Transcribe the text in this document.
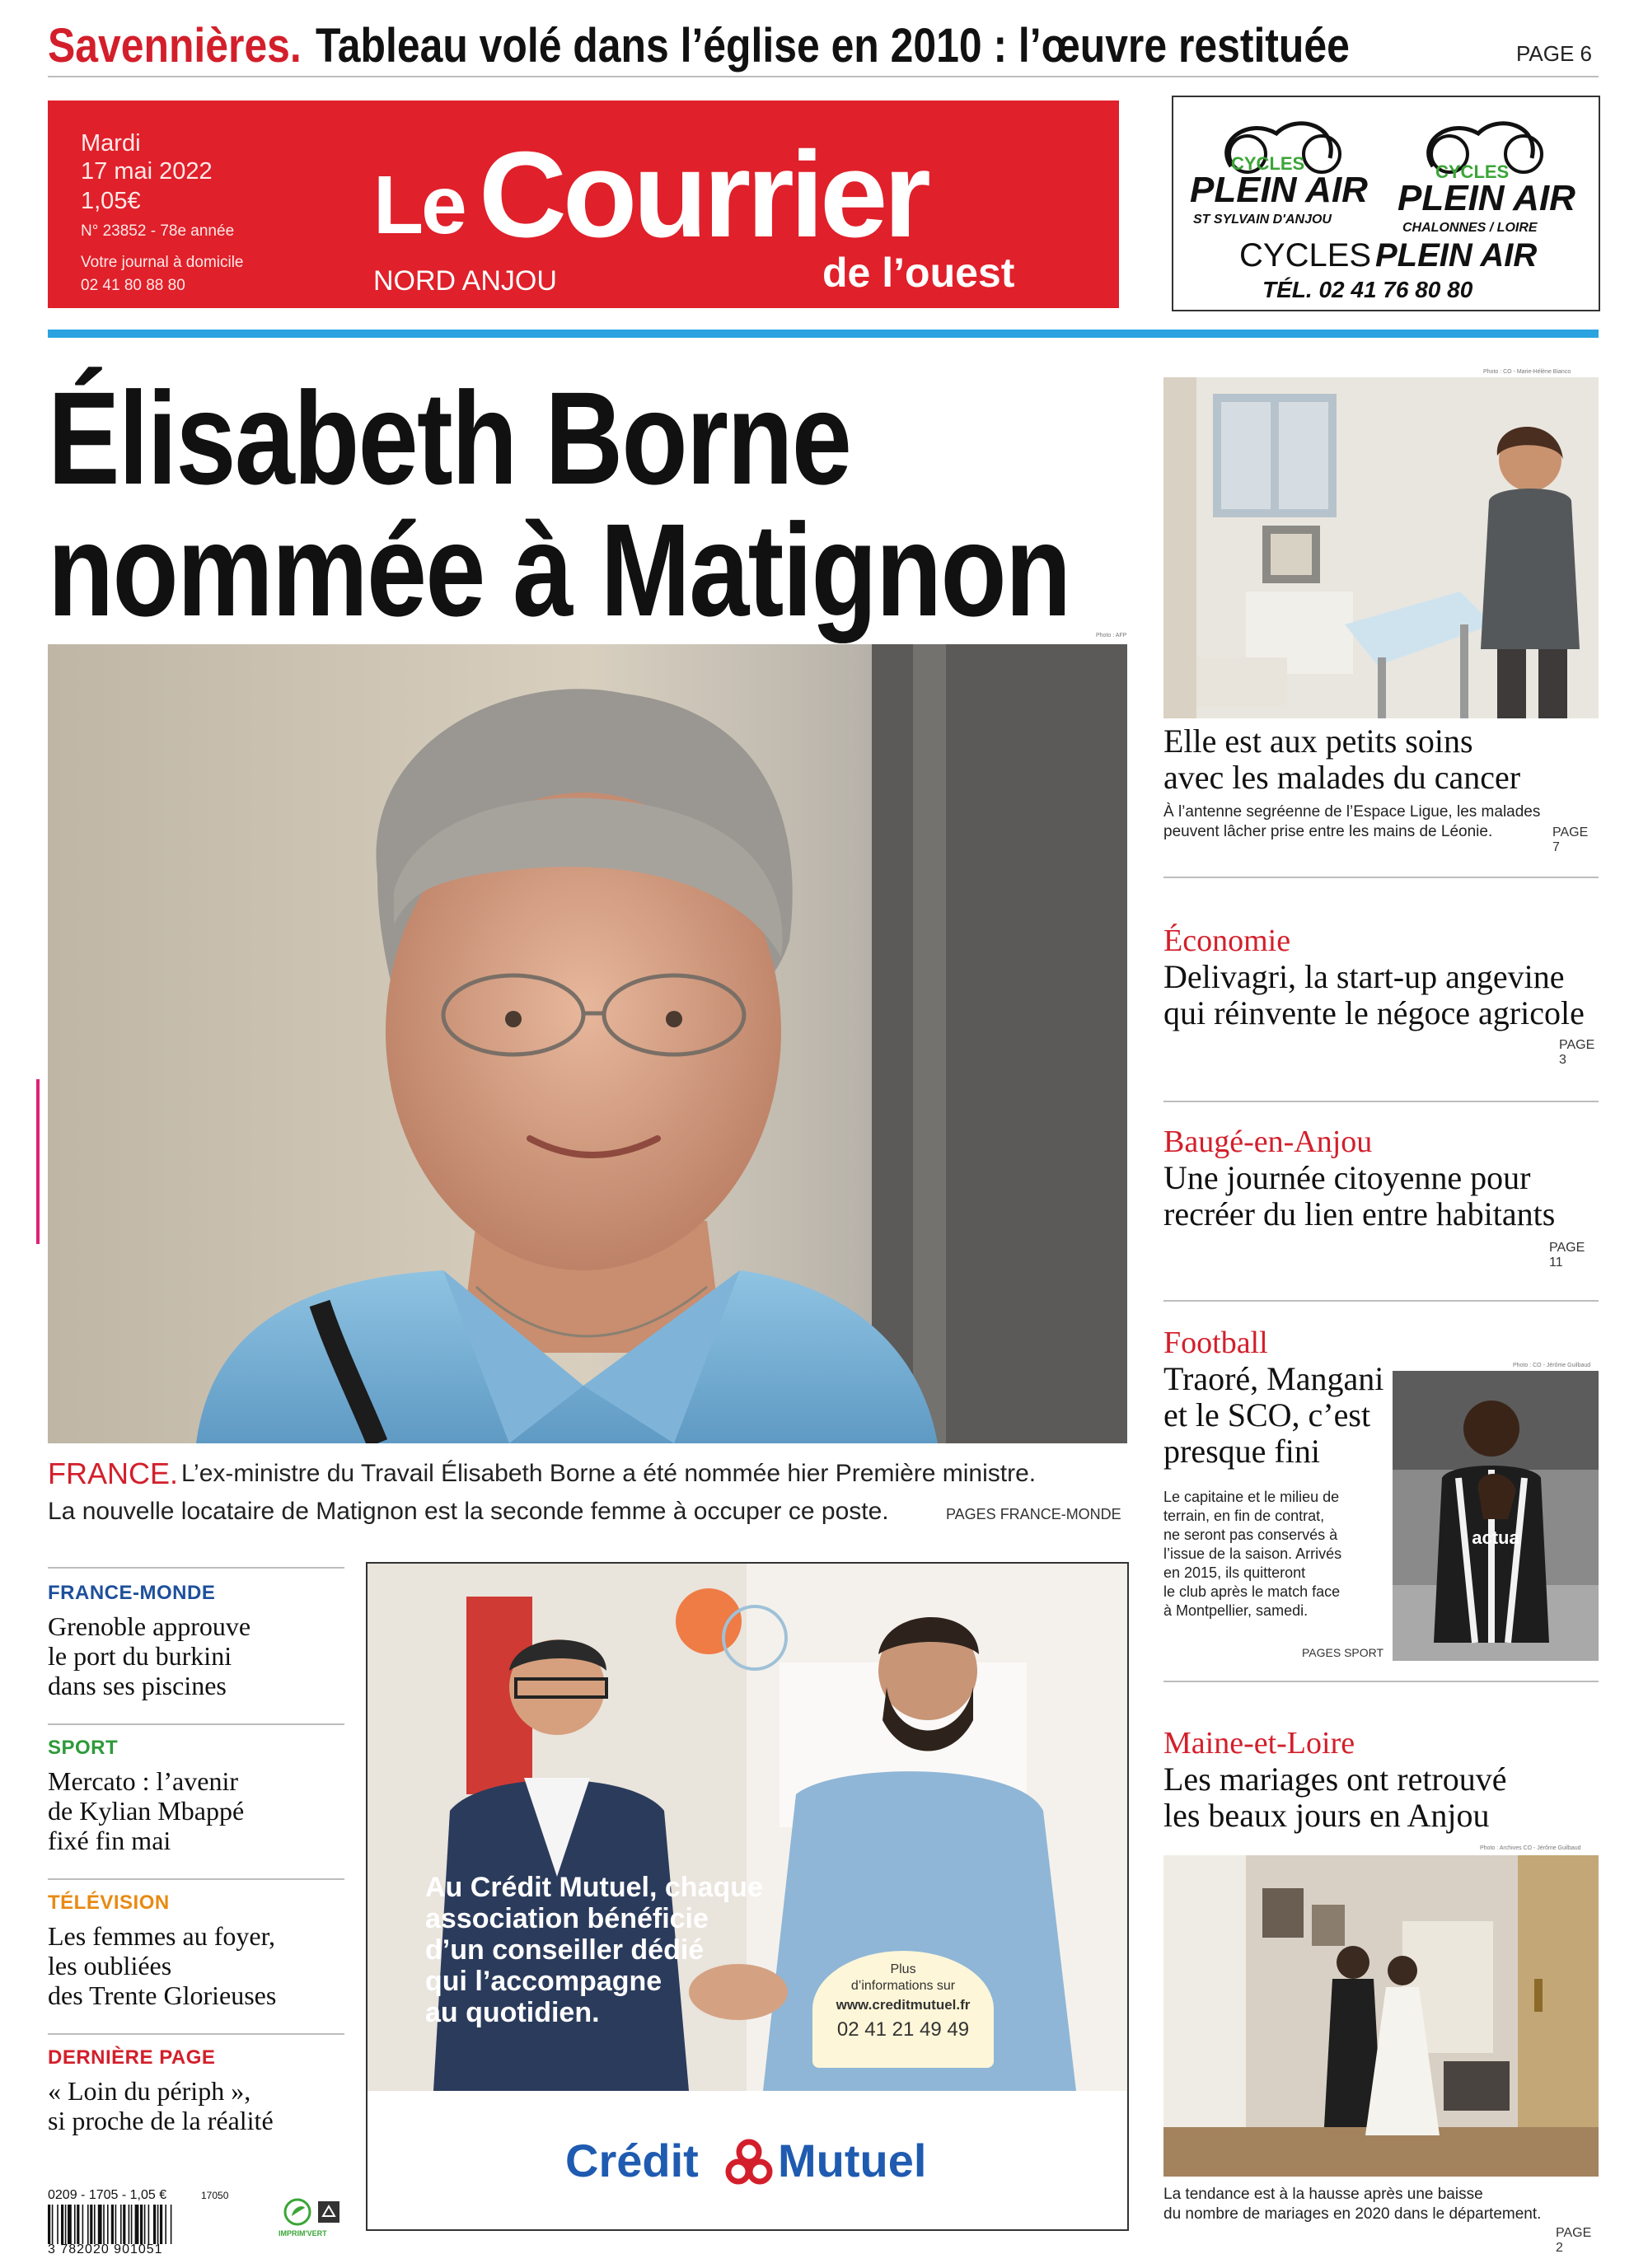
Savennières. Tableau volé dans l’église en 2010 : l’œuvre restituée	PAGE 6
Mardi
17 mai 2022
1,05€
N° 23852 - 78e année
Votre journal à domicile
02 41 80 88 80
Le Courrier
de l’ouest
NORD ANJOU
CYCLES
PLEIN AIR
ST SYLVAIN D'ANJOU
CYCLES
PLEIN AIR
CHALONNES / LOIRE
CYCLES PLEIN AIR
TÉL. 02 41 76 80 80
Élisabeth Borne
nommée à Matignon	Photo : AFP
FRANCE. L’ex-ministre du Travail Élisabeth Borne a été nommée hier Première ministre.
La nouvelle locataire de Matignon est la seconde femme à occuper ce poste.	PAGES FRANCE-MONDE
Photo : CO - Marie-Hélène Bianco
Elle est aux petits soins
avec les malades du cancer
À l’antenne segréenne de l’Espace Ligue, les malades
peuvent lâcher prise entre les mains de Léonie.	PAGE 7
Économie
Delivagri, la start-up angevine
qui réinvente le négoce agricole
PAGE 3
Baugé-en-Anjou
Une journée citoyenne pour
recréer du lien entre habitants
PAGE 11
Football
Traoré, Mangani
et le SCO, c’est
presque fini
Le capitaine et le milieu de
terrain, en fin de contrat,
ne seront pas conservés à
l’issue de la saison. Arrivés
en 2015, ils quitteront
le club après le match face
à Montpellier, samedi.
PAGES SPORT
Photo : CO - Jérôme Guilbaud
actua
Maine-et-Loire
Les mariages ont retrouvé
les beaux jours en Anjou
Photo : Archives CO - Jérôme Guilbaud
La tendance est à la hausse après une baisse
du nombre de mariages en 2020 dans le département.
PAGE 2
FRANCE-MONDE
Grenoble approuve
le port du burkini
dans ses piscines
SPORT
Mercato : l’avenir
de Kylian Mbappé
fixé fin mai
TÉLÉVISION
Les femmes au foyer,
les oubliées
des Trente Glorieuses
DERNIÈRE PAGE
« Loin du périph »,
si proche de la réalité
Au Crédit Mutuel, chaque
association bénéficie
d’un conseiller dédié
qui l’accompagne
au quotidien.
Plus
d’informations sur
www.creditmutuel.fr
02 41 21 49 49
Crédit Mutuel
0209 - 1705 - 1,05 €	17050
3 782020 901051
IMPRIM'VERT
